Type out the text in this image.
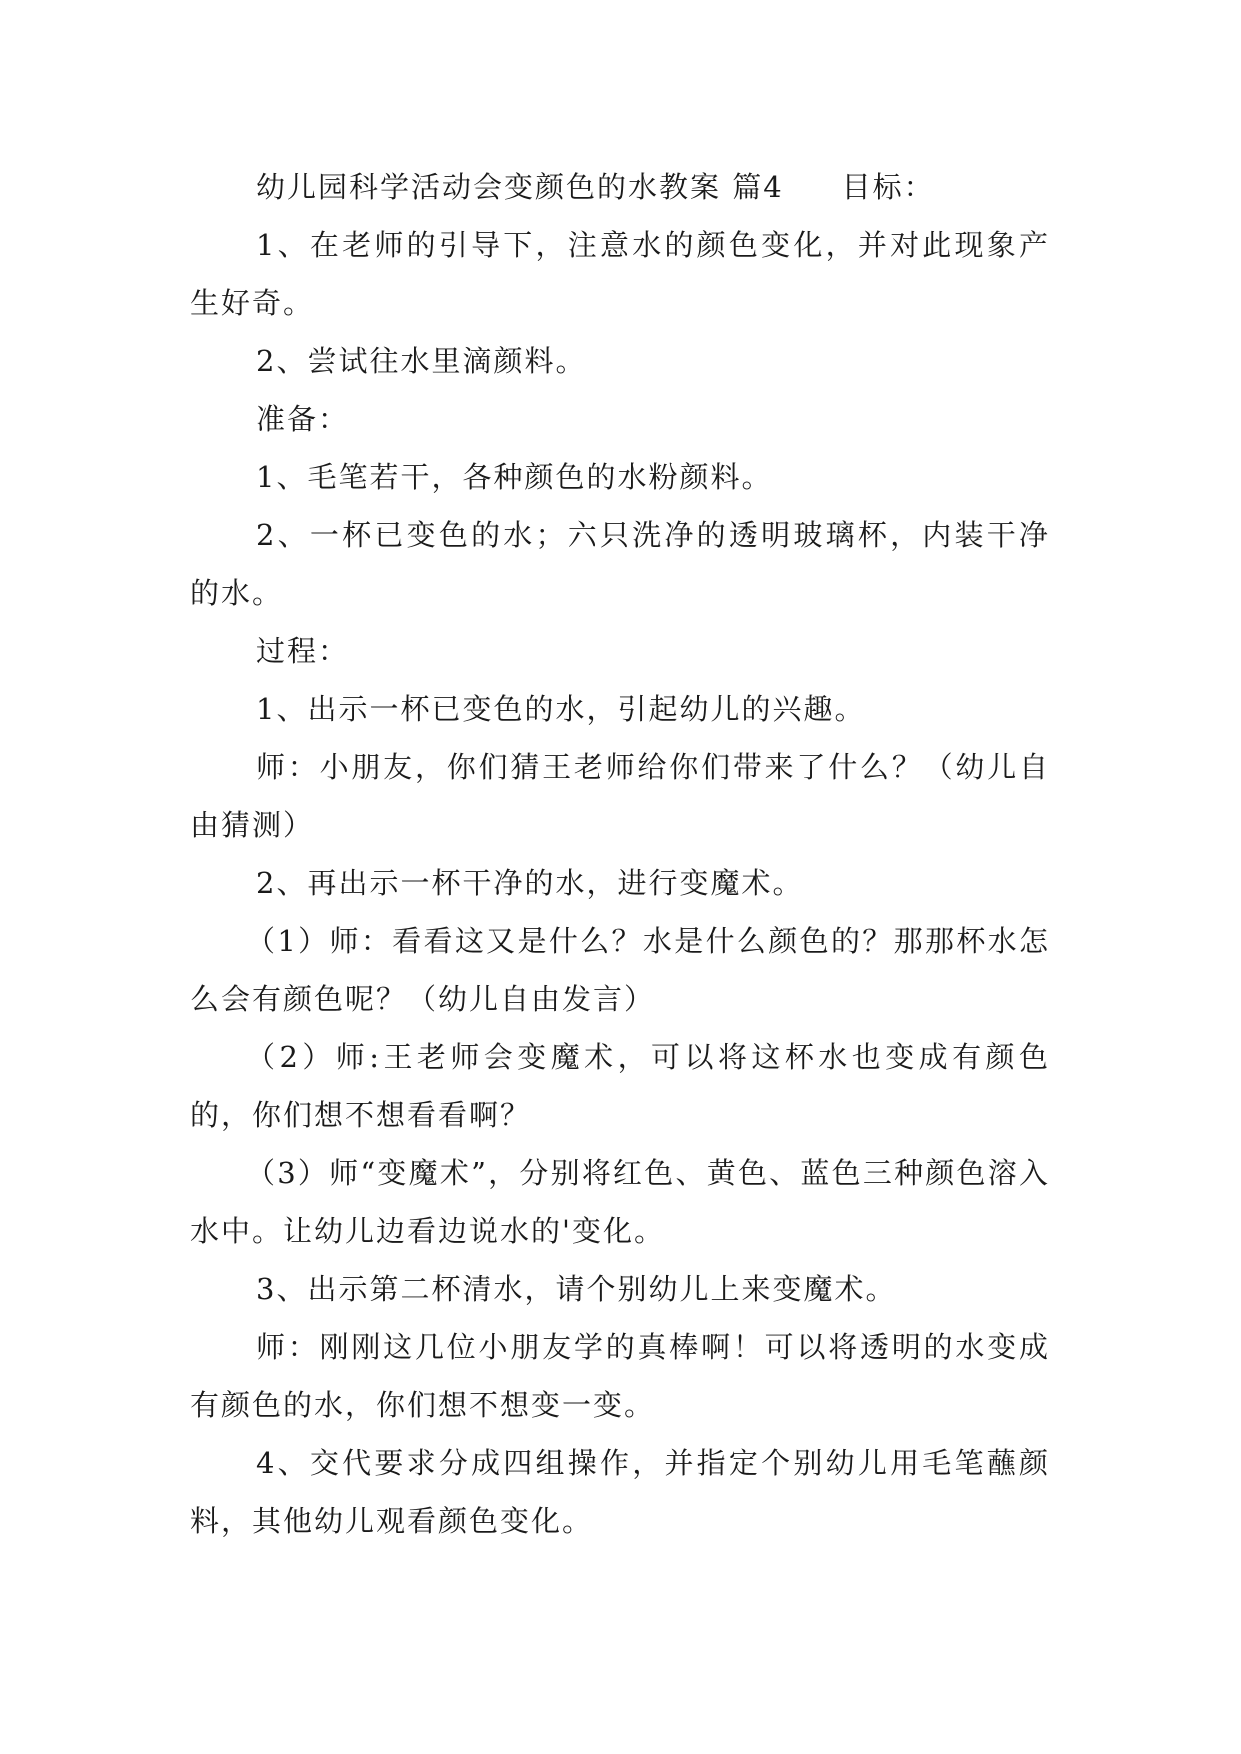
幼儿园科学活动会变颜色的水教案 篇4 目标：

1、在老师的引导下，注意水的颜色变化，并对此现象产生好奇。

2、尝试往水里滴颜料。

准备：

1、毛笔若干，各种颜色的水粉颜料。

2、一杯已变色的水；六只洗净的透明玻璃杯，内装干净的水。

过程：

1、出示一杯已变色的水，引起幼儿的兴趣。

师：小朋友，你们猜王老师给你们带来了什么？（幼儿自由猜测）

2、再出示一杯干净的水，进行变魔术。

（1）师：看看这又是什么？水是什么颜色的？那那杯水怎么会有颜色呢？（幼儿自由发言）

（2）师:王老师会变魔术，可以将这杯水也变成有颜色的，你们想不想看看啊？

（3）师“变魔术”，分别将红色、黄色、蓝色三种颜色溶入水中。让幼儿边看边说水的'变化。

3、出示第二杯清水，请个别幼儿上来变魔术。

师：刚刚这几位小朋友学的真棒啊！可以将透明的水变成有颜色的水，你们想不想变一变。

4、交代要求分成四组操作，并指定个别幼儿用毛笔蘸颜料，其他幼儿观看颜色变化。
